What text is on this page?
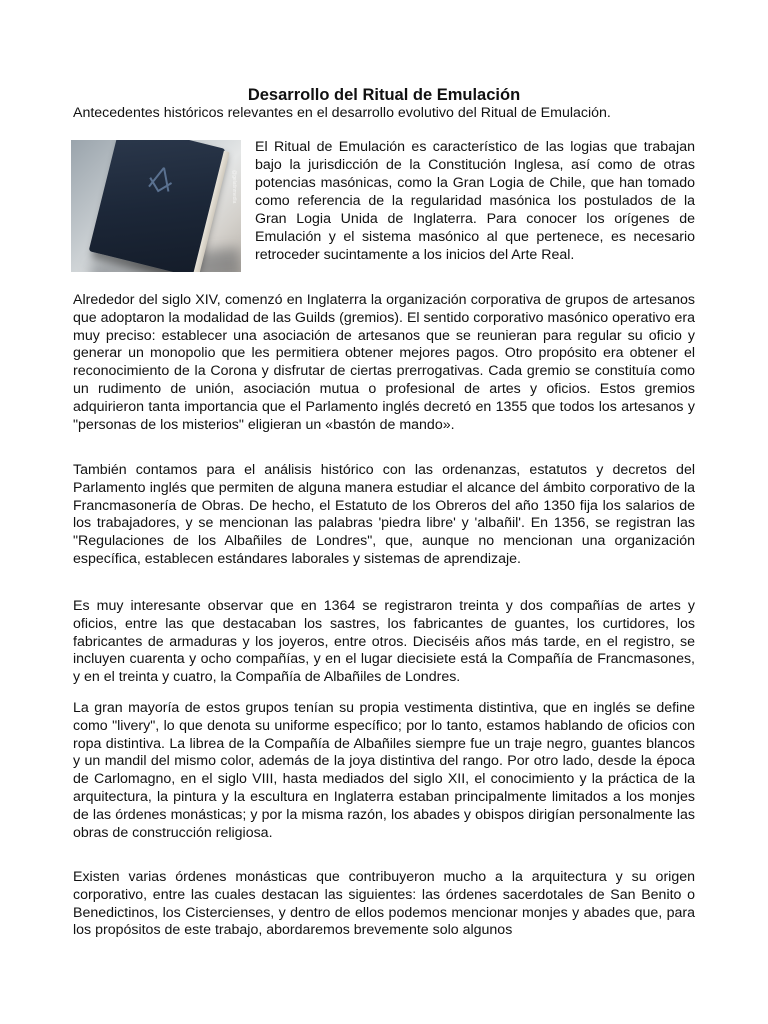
Desarrollo del Ritual de Emulación
Antecedentes históricos relevantes en el desarrollo evolutivo del Ritual de Emulación.
@gelatinmedia

El Ritual de Emulación es característico de las logias que trabajan bajo la jurisdicción de la Constitución Inglesa, así como de otras potencias masónicas, como la Gran Logia de Chile, que han tomado como referencia de la regularidad masónica los postulados de la Gran Logia Unida de Inglaterra. Para conocer los orígenes de Emulación y el sistema masónico al que pertenece, es necesario retroceder sucintamente a los inicios del Arte Real.

Alrededor del siglo XIV, comenzó en Inglaterra la organización corporativa de grupos de artesanos que adoptaron la modalidad de las Guilds (gremios). El sentido corporativo masónico operativo era muy preciso: establecer una asociación de artesanos que se reunieran para regular su oficio y generar un monopolio que les permitiera obtener mejores pagos. Otro propósito era obtener el reconocimiento de la Corona y disfrutar de ciertas prerrogativas. Cada gremio se constituía como un rudimento de unión, asociación mutua o profesional de artes y oficios. Estos gremios adquirieron tanta importancia que el Parlamento inglés decretó en 1355 que todos los artesanos y "personas de los misterios" eligieran un «bastón de mando».

También contamos para el análisis histórico con las ordenanzas, estatutos y decretos del Parlamento inglés que permiten de alguna manera estudiar el alcance del ámbito corporativo de la Francmasonería de Obras. De hecho, el Estatuto de los Obreros del año 1350 fija los salarios de los trabajadores, y se mencionan las palabras 'piedra libre' y 'albañil'. En 1356, se registran las "Regulaciones de los Albañiles de Londres", que, aunque no mencionan una organización específica, establecen estándares laborales y sistemas de aprendizaje.

Es muy interesante observar que en 1364 se registraron treinta y dos compañías de artes y oficios, entre las que destacaban los sastres, los fabricantes de guantes, los curtidores, los fabricantes de armaduras y los joyeros, entre otros. Dieciséis años más tarde, en el registro, se incluyen cuarenta y ocho compañías, y en el lugar diecisiete está la Compañía de Francmasones, y en el treinta y cuatro, la Compañía de Albañiles de Londres.

La gran mayoría de estos grupos tenían su propia vestimenta distintiva, que en inglés se define como "livery", lo que denota su uniforme específico; por lo tanto, estamos hablando de oficios con ropa distintiva. La librea de la Compañía de Albañiles siempre fue un traje negro, guantes blancos y un mandil del mismo color, además de la joya distintiva del rango. Por otro lado, desde la época de Carlomagno, en el siglo VIII, hasta mediados del siglo XII, el conocimiento y la práctica de la arquitectura, la pintura y la escultura en Inglaterra estaban principalmente limitados a los monjes de las órdenes monásticas; y por la misma razón, los abades y obispos dirigían personalmente las obras de construcción religiosa.

Existen varias órdenes monásticas que contribuyeron mucho a la arquitectura y su origen corporativo, entre las cuales destacan las siguientes: las órdenes sacerdotales de San Benito o Benedictinos, los Cistercienses, y dentro de ellos podemos mencionar monjes y abades que, para los propósitos de este trabajo, abordaremos brevemente solo algunos
